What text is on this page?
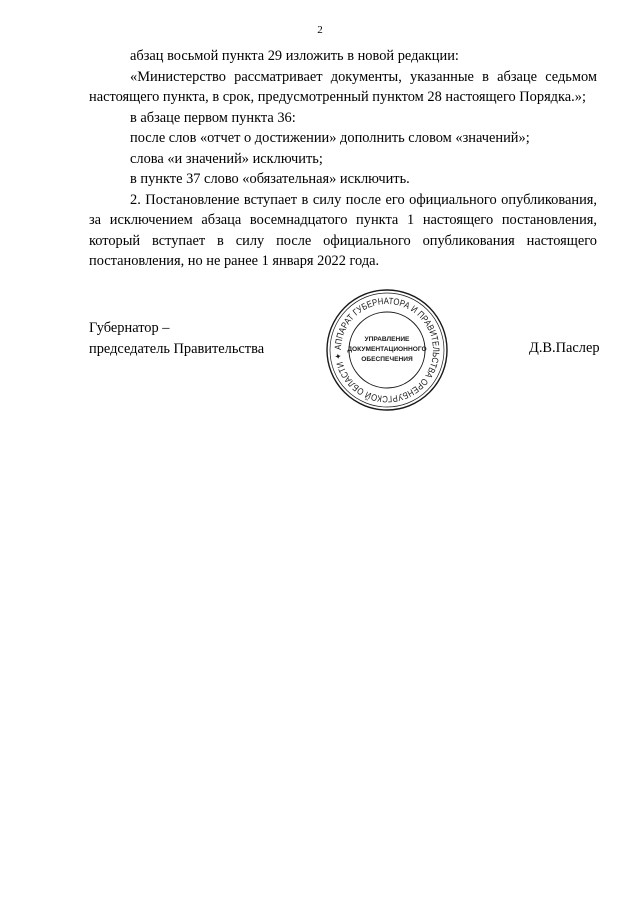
2

абзац восьмой пункта 29 изложить в новой редакции:

«Министерство рассматривает документы, указанные в абзаце седьмом настоящего пункта, в срок, предусмотренный пунктом 28 настоящего Порядка.»;

в абзаце первом пункта 36:

после слов «отчет о достижении» дополнить словом «значений»;

слова «и значений» исключить;

в пункте 37 слово «обязательная» исключить.

2. Постановление вступает в силу после его официального опубликования, за исключением абзаца восемнадцатого пункта 1 настоящего постановления, который вступает в силу после официального опубликования настоящего постановления, но не ранее 1 января 2022 года.

Губернатор –
председатель Правительства	АППАРАТ ГУБЕРНАТОРА И ПРАВИТЕЛЬСТВА ОРЕНБУРГСКОЙ ОБЛАСТИ ✦
УПРАВЛЕНИЕ
ДОКУМЕНТАЦИОННОГО
ОБЕСПЕЧЕНИЯ
Д.В.Паслер
